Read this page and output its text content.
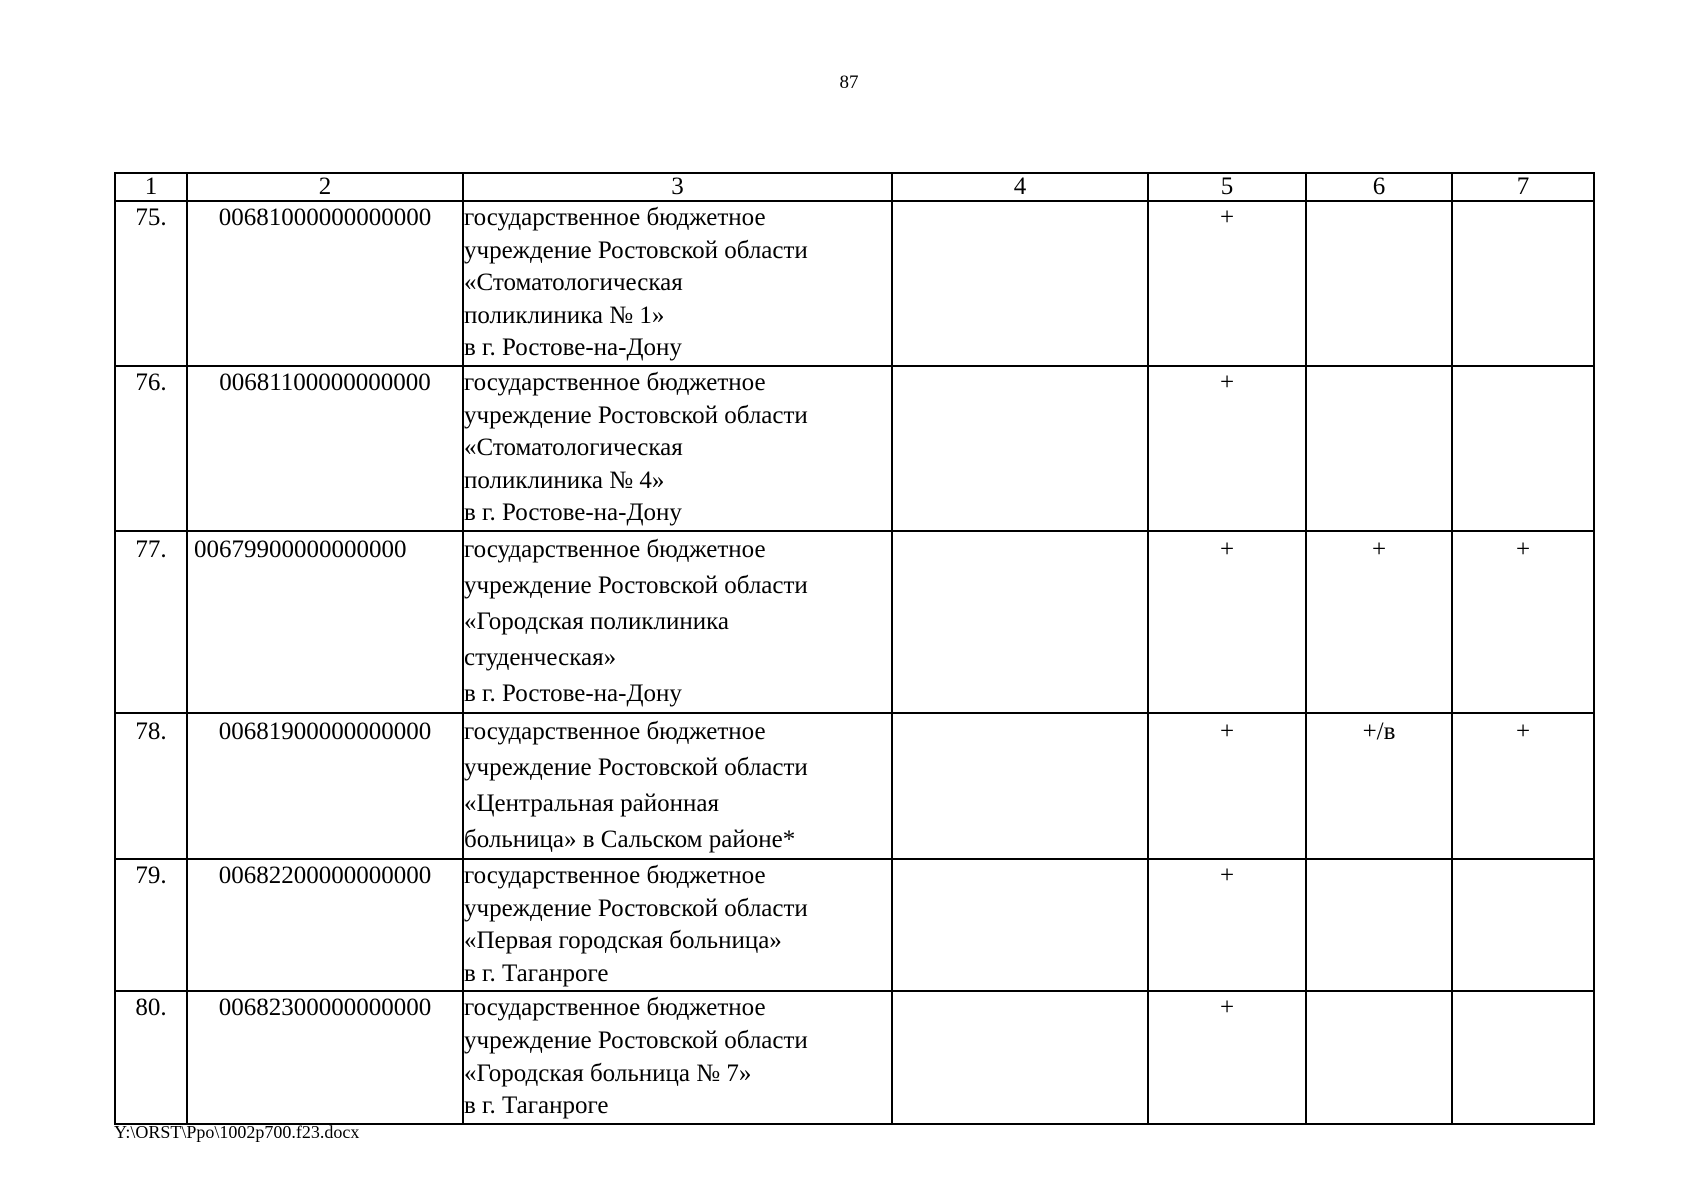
87
1	2	3	4	5	6	7
75.	00681000000000000	государственное бюджетное
учреждение Ростовской области
«Стоматологическая
поликлиника № 1»
в г. Ростове-на-Дону		+		
76.	00681100000000000	государственное бюджетное
учреждение Ростовской области
«Стоматологическая
поликлиника № 4»
в г. Ростове-на-Дону		+		
77.	00679900000000000	государственное бюджетное
учреждение Ростовской области
«Городская поликлиника
студенческая»
в г. Ростове-на-Дону		+	+	+
78.	00681900000000000	государственное бюджетное
учреждение Ростовской области
«Центральная районная
больница» в Сальском районе*		+	+/в	+
79.	00682200000000000	государственное бюджетное
учреждение Ростовской области
«Первая городская больница»
в г. Таганроге		+		
80.	00682300000000000	государственное бюджетное
учреждение Ростовской области
«Городская больница № 7»
в г. Таганроге		+		
Y:\ORST\Ppo\1002p700.f23.docx
